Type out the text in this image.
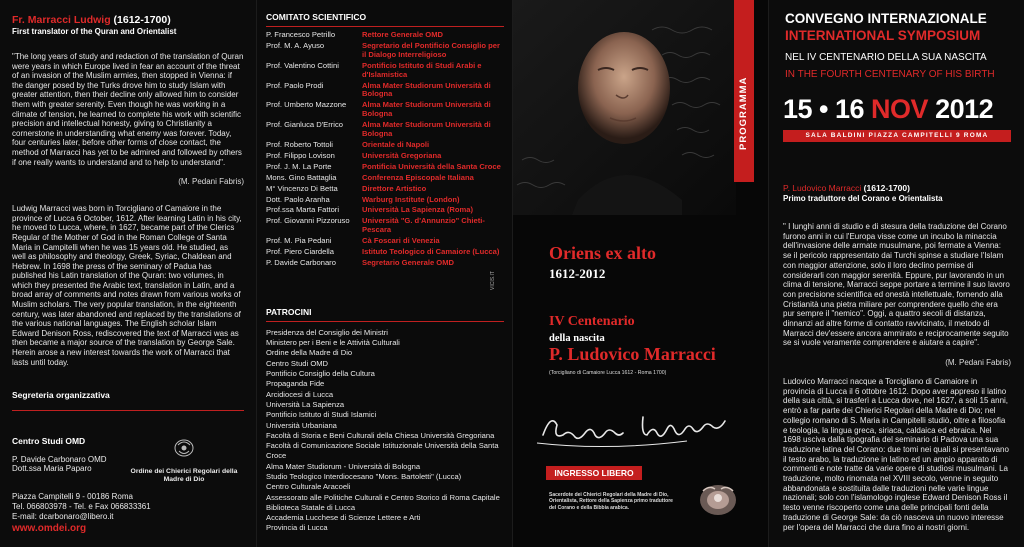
Fr. Marracci Ludwig (1612-1700)
First translator of the Quran and Orientalist
"The long years of study and redaction of the translation of Quran were years in which Europe lived in fear an account of the threat of an invasion of the Muslim armies, then stopped in Vienna: if the danger posed by the Turks drove him to study Islam with greater attention, then their decline only allowed him to consider them with greater serenity. Even though he was working in a climate of tension, he learned to complete his work with scientific precision and intellectual honesty, giving to Christianity a cornerstone in understanding what enemy was forever. Today, four centuries later, before other forms of close contact, the method of Marracci has yet to be admired and followed by others if one really wants to understand and to help to understand".
(M. Pedani Fabris)
Ludwig Marracci was born in Torcigliano of Camaiore in the province of Lucca 6 October, 1612. After learning Latin in his city, he moved to Lucca, where, in 1627, became part of the Clerics Regular of the Mother of God in the Roman College of Santa Maria in Campitelli when he was 15 years old. He studied, as well as philosophy and theology, Greek, Syriac, Chaldean and Hebrew. In 1698 the press of the seminary of Padua has published his Latin translation of the Quran: two volumes, in which they presented the Arabic text, translation in Latin, and a broad array of comments and notes drawn from various works of Muslim scholars. The very popular translation, in the eighteenth century, was later abandoned and replaced by the translations of the various national languages. The English scholar Islam Edward Denison Ross, rediscovered the text of Marracci was as then became a major source of the translation by George Sale. Herein arose a new interest towards the work of Marracci that lasts until today.
Segreteria organizzativa
Centro Studi OMD
P. Davide Carbonaro OMD
Dott.ssa Maria Paparo	Ordine dei Chierici Regolari della Madre di Dio
Piazza Campitelli 9 - 00186 Roma
Tel. 066803978 - Tel. e Fax 066833361
E-mail: dcarbonaro@libero.it
www.omdei.org
COMITATO SCIENTIFICO
P. Francesco Petrillo	Rettore Generale OMD
Prof. M. A. Ayuso	Segretario del Pontificio Consiglio per il Dialogo Interreligioso
Prof. Valentino Cottini	Pontificio Istituto di Studi Arabi e d'Islamistica
Prof. Paolo Prodi	Alma Mater Studiorum Università di Bologna
Prof. Umberto Mazzone	Alma Mater Studiorum Università di Bologna
Prof. Gianluca D'Errico	Alma Mater Studiorum Università di Bologna
Prof. Roberto Tottoli	Orientale di Napoli
Prof. Filippo Lovison	Università Gregoriana
Prof. J. M. La Porte	Pontificia Università della Santa Croce
Mons. Gino Battaglia	Conferenza Episcopale Italiana
M° Vincenzo Di Betta	Direttore Artistico
Dott. Paolo Aranha	Warburg Institute (London)
Prof.ssa Marta Fattori	Università La Sapienza (Roma)
Prof. Giovanni Pizzoruso	Università "G. d'Annunzio" Chieti-Pescara
Prof. M. Pia Pedani	Cà Foscari di Venezia
Prof. Piero Ciardella	Istituto Teologico di Camaiore (Lucca)
P. Davide Carbonaro	Segretario Generale OMD
PATROCINI
Presidenza del Consiglio dei Ministri
Ministero per i Beni e le Attività Culturali
Ordine della Madre di Dio
Centro Studi OMD
Pontificio Consiglio della Cultura
Propaganda Fide
Arcidiocesi di Lucca
Università La Sapienza
Pontificio Istituto di Studi Islamici
Università Urbaniana
Facoltà di Storia e Beni Culturali della Chiesa Università Gregoriana
Facoltà di Comunicazione Sociale Istituzionale Università della Santa Croce
Alma Mater Studiorum - Università di Bologna
Studio Teologico Interdiocesano "Mons. Bartoletti" (Lucca)
Centro Culturale Aracoeli
Assessorato alle Politiche Culturali e Centro Storico di Roma Capitale
Biblioteca Statale di Lucca
Accademia Lucchese di Scienze Lettere e Arti
Provincia di Lucca
VICIS.IT
PROGRAMMA
Oriens ex alto
1612-2012
IV Centenario
della nascita
P. Ludovico Marracci
(Torcigliano di Camaiore Lucca 1612 - Roma 1700)
INGRESSO LIBERO
Sacerdote dei Chierici Regolari della Madre di Dio, Orientalista, Rettore della Sapienza primo traduttore del Corano e della Bibbia arabica.
CONVEGNO INTERNAZIONALE
INTERNATIONAL SYMPOSIUM
NEL IV CENTENARIO DELLA SUA NASCITA
IN THE FOURTH CENTENARY OF HIS BIRTH
15 • 16 NOV 2012
SALA BALDINI PIAZZA CAMPITELLI 9 ROMA
P. Ludovico Marracci (1612-1700)
Primo traduttore del Corano e Orientalista
" I lunghi anni di studio e di stesura della traduzione del Corano furono anni in cui l'Europa visse come un incubo la minaccia dell'invasione delle armate musulmane, poi fermate a Vienna: se il pericolo rappresentato dai Turchi spinse a studiare l'Islam con maggior attenzione, solo il loro declino permise di considerarli con maggior serenità. Eppure, pur lavorando in un clima di tensione, Marracci seppe portare a termine il suo lavoro con precisione scientifica ed onestà intellettuale, fornendo alla Cristianità una pietra miliare per comprendere quello che era pur sempre il "nemico". Oggi, a quattro secoli di distanza, dinnanzi ad altre forme di contatto ravvicinato, il metodo di Marracci dev'essere ancora ammirato e reciprocamente seguito se si vuole veramente comprendere e aiutare a capire".
(M. Pedani Fabris)
Ludovico Marracci nacque a Torcigliano di Camaiore in provincia di Lucca il 6 ottobre 1612. Dopo aver appreso il latino della sua città, si trasferì a Lucca dove, nel 1627, a soli 15 anni, entrò a far parte dei Chierici Regolari della Madre di Dio; nel collegio romano di S. Maria in Campitelli studiò, oltre a filosofia e teologia, la lingua greca, siriaca, caldaica ed ebraica. Nel 1698 uscivа dalla tipografia del seminario di Padova una sua traduzione latina del Corano: due tomi nei quali si presentavano il testo arabo, la traduzione in latino ed un ampio apparato di commenti e note tratte da varie opere di studiosi musulmani. La traduzione, molto rinomata nel XVIII secolo, venne in seguito abbandonata e sostituita dalle traduzioni nelle varie lingue nazionali; solo con l'islamologo inglese Edward Denison Ross il testo venne riscoperto come una delle principali fonti della traduzione di George Sale: da ciò nasceva un nuovo interesse per l'opera del Marracci che dura fino ai nostri giorni.
